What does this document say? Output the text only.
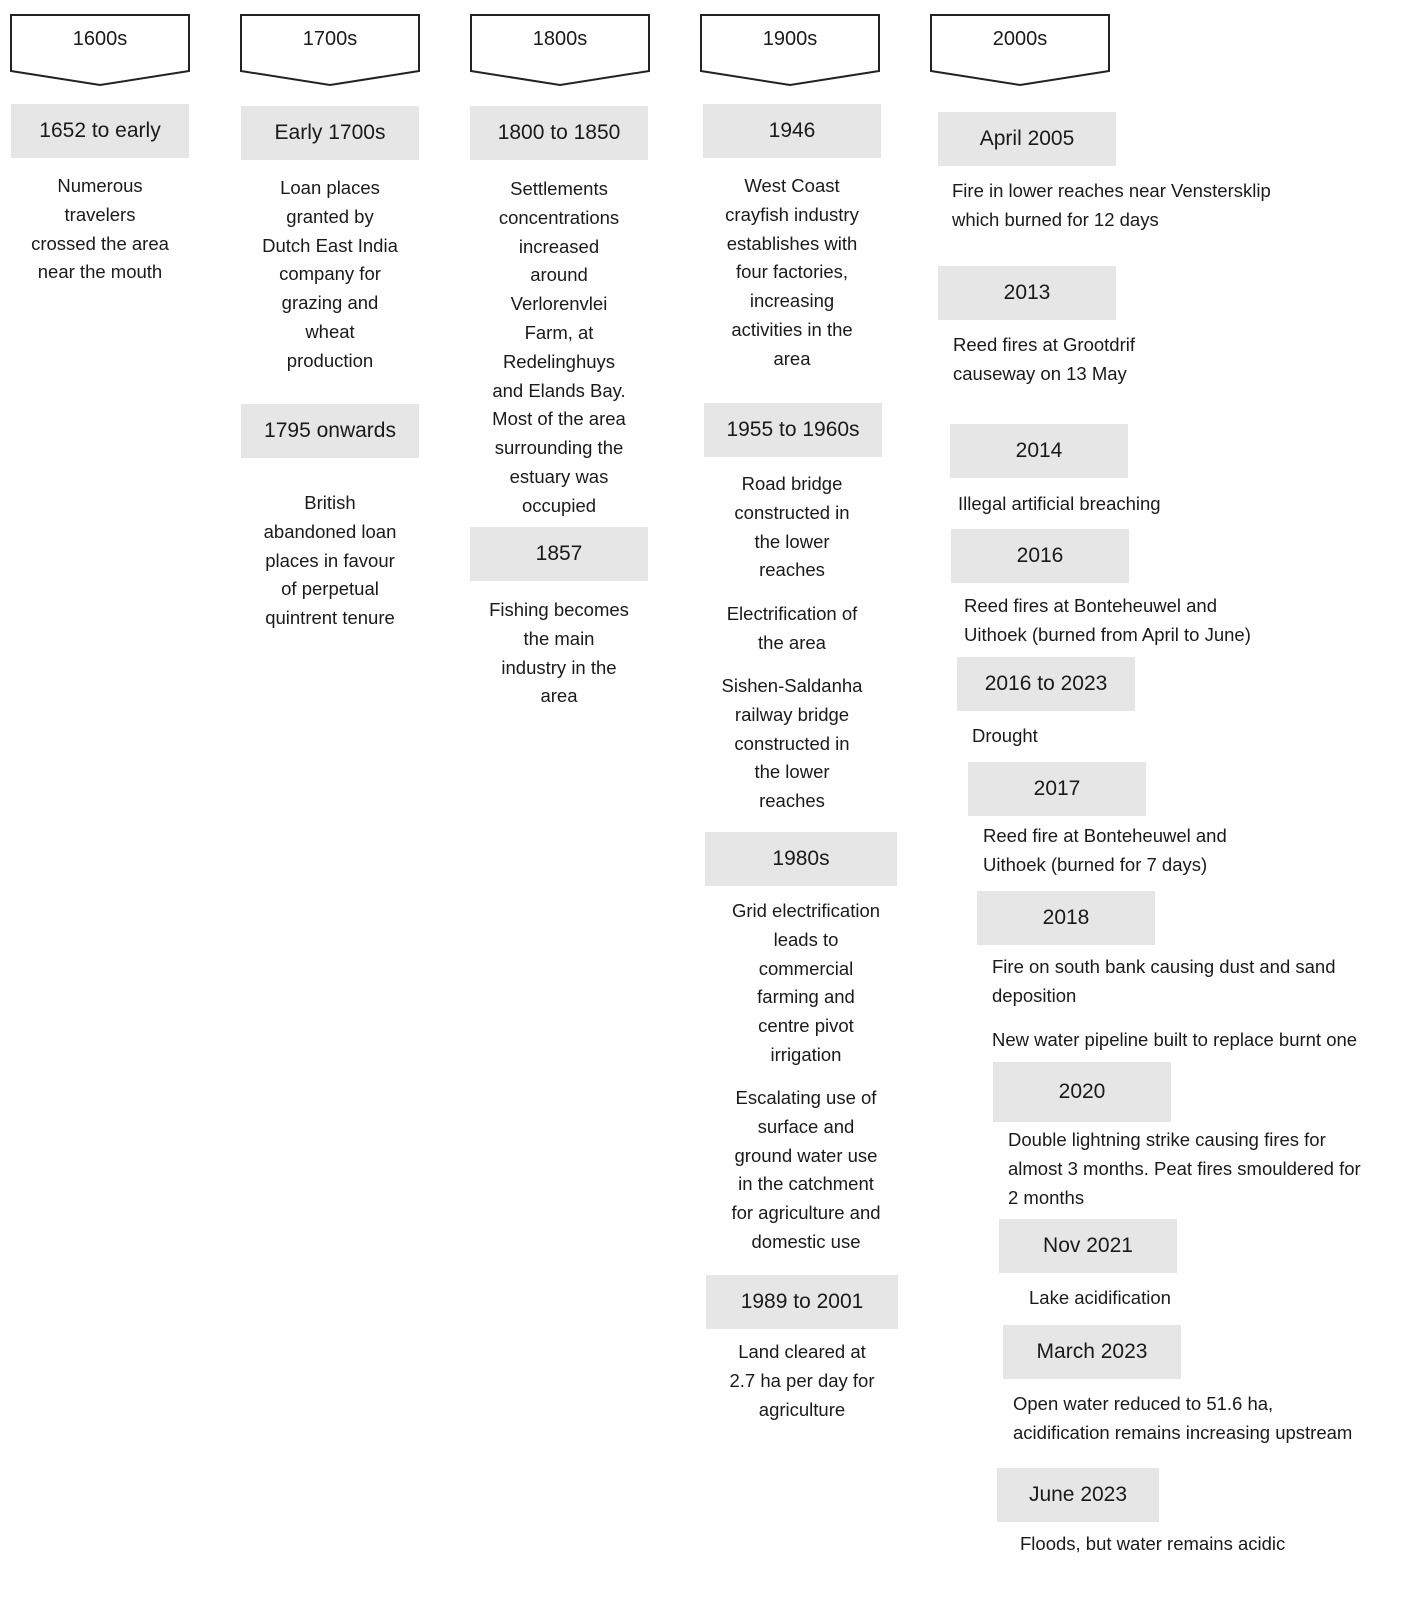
1600s	1700s	1800s	1900s	2000s
1652 to early
Numerous
travelers
crossed the area
near the mouth
Early 1700s
Loan places
granted by
Dutch East India
company for
grazing and
wheat
production
1795 onwards
British
abandoned loan
places in favour
of perpetual
quintrent tenure
1800 to 1850
Settlements
concentrations
increased
around
Verlorenvlei
Farm, at
Redelinghuys
and Elands Bay.
Most of the area
surrounding the
estuary was
occupied
1857
Fishing becomes
the main
industry in the
area
1946
West Coast
crayfish industry
establishes with
four factories,
increasing
activities in the
area
1955 to 1960s
Road bridge
constructed in
the lower
reaches
Electrification of
the area
Sishen-Saldanha
railway bridge
constructed in
the lower
reaches
1980s
Grid electrification
leads to
commercial
farming and
centre pivot
irrigation
Escalating use of
surface and
ground water use
in the catchment
for agriculture and
domestic use
1989 to 2001
Land cleared at
2.7 ha per day for
agriculture
April 2005
Fire in lower reaches near Venstersklip
which burned for 12 days
2013
Reed fires at Grootdrif
causeway on 13 May
2014
Illegal artificial breaching
2016
Reed fires at Bonteheuwel and
Uithoek (burned from April to June)
2016 to 2023
Drought
2017
Reed fire at Bonteheuwel and
Uithoek (burned for 7 days)
2018
Fire on south bank causing dust and sand
deposition
New water pipeline built to replace burnt one
2020
Double lightning strike causing fires for
almost 3 months. Peat fires smouldered for
2 months
Nov 2021
Lake acidification
March 2023
Open water reduced to 51.6 ha,
acidification remains increasing upstream
June 2023
Floods, but water remains acidic
